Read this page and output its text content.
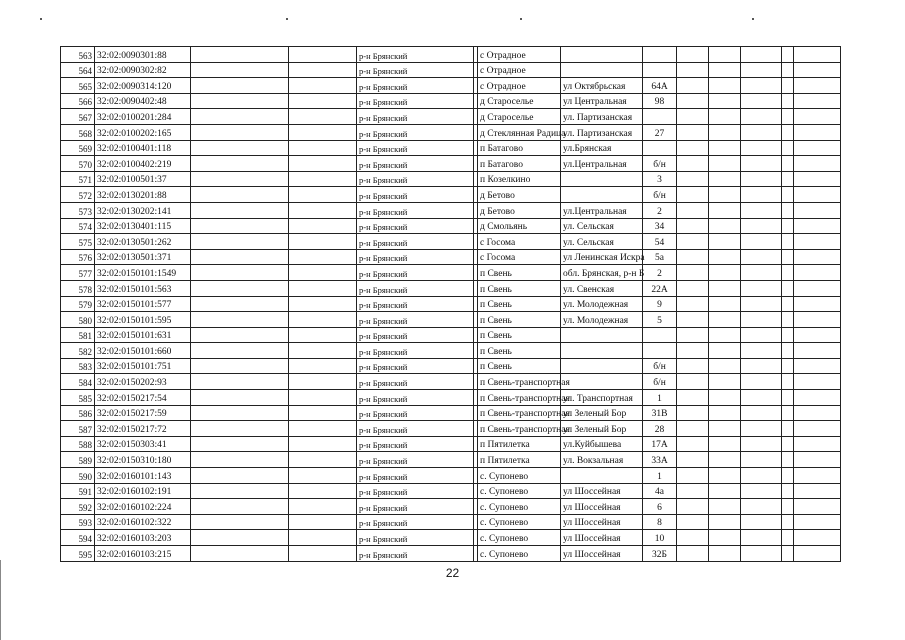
563	32:02:0090301:88			р-н Брянский		с Отрадное							
564	32:02:0090302:82			р-н Брянский		с Отрадное							
565	32:02:0090314:120			р-н Брянский		с Отрадное	ул Октябрьская	64А					
566	32:02:0090402:48			р-н Брянский		д Староселье	ул Центральная	98					
567	32:02:0100201:284			р-н Брянский		д Староселье	ул. Партизанская						
568	32:02:0100202:165			р-н Брянский		д Стеклянная Радица	ул. Партизанская	27					
569	32:02:0100401:118			р-н Брянский		п Батагово	ул.Брянская						
570	32:02:0100402:219			р-н Брянский		п Батагово	ул.Центральная	б/н					
571	32:02:0100501:37			р-н Брянский		п Козелкино		3					
572	32:02:0130201:88			р-н Брянский		д Бетово		б/н					
573	32:02:0130202:141			р-н Брянский		д Бетово	ул.Центральная	2					
574	32:02:0130401:115			р-н Брянский		д Смольянь	ул. Сельская	34					
575	32:02:0130501:262			р-н Брянский		с Госома	ул. Сельская	54					
576	32:02:0130501:371			р-н Брянский		с Госома	ул Ленинская Искра	5а					
577	32:02:0150101:1549			р-н Брянский		п Свень	обл. Брянская, р-н Б	2					
578	32:02:0150101:563			р-н Брянский		п Свень	ул. Свенская	22А					
579	32:02:0150101:577			р-н Брянский		п Свень	ул. Молодежная	9					
580	32:02:0150101:595			р-н Брянский		п Свень	ул. Молодежная	5					
581	32:02:0150101:631			р-н Брянский		п Свень							
582	32:02:0150101:660			р-н Брянский		п Свень							
583	32:02:0150101:751			р-н Брянский		п Свень		б/н					
584	32:02:0150202:93			р-н Брянский		п Свень-транспортная		б/н					
585	32:02:0150217:54			р-н Брянский		п Свень-транспортная	ул. Трaнспортная	1					
586	32:02:0150217:59			р-н Брянский		п Свень-транспортная	ул Зеленый Бор	31В					
587	32:02:0150217:72			р-н Брянский		п Свень-транспортная	ул Зеленый Бор	28					
588	32:02:0150303:41			р-н Брянский		п Пятилетка	ул.Куйбышева	17А					
589	32:02:0150310:180			р-н Брянский		п Пятилетка	ул. Вокзальная	33А					
590	32:02:0160101:143			р-н Брянский		с. Супонево		1					
591	32:02:0160102:191			р-н Брянский		с. Супонево	ул Шоссейная	4а					
592	32:02:0160102:224			р-н Брянский		с. Супонево	ул Шоссейная	6					
593	32:02:0160102:322			р-н Брянский		с. Супонево	ул Шоссейная	8					
594	32:02:0160103:203			р-н Брянский		с. Супонево	ул Шоссейная	10					
595	32:02:0160103:215			р-н Брянский		с. Супонево	ул Шоссейная	32Б					
22
